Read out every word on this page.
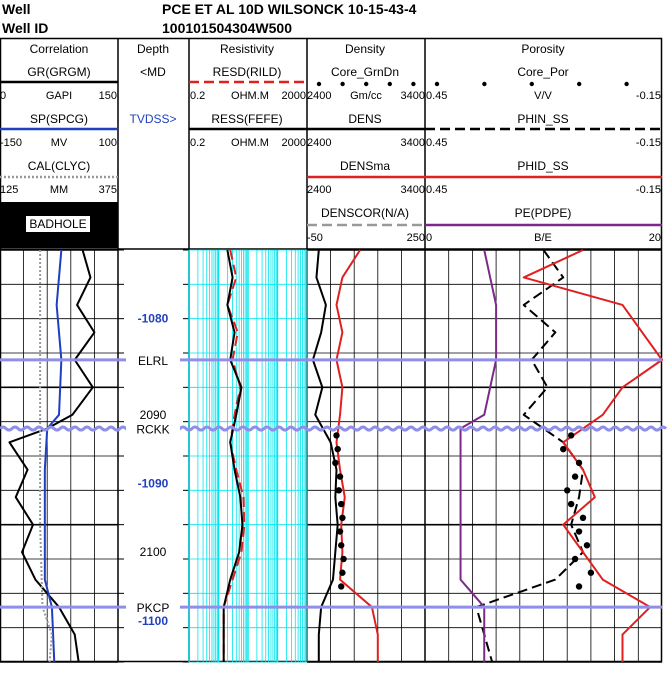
Well
Well ID
PCE ET AL 10D WILSONCK 10-15-43-4
100101504304W500
ELRL
RCKK
PKCP
-1080
2090
-1090
2100
-1100
Correlation
GR(GRGM)
0	GAPI 150
SP(SPCG)
-150	MV	100
CAL(CLYC)
125	MM	375
BADHOLE
Depth
<MD
TVDSS>
Resistivity
RESD(RILD)
0.2 OHM.M 2000
RESS(FEFE)
0.2 OHM.M 2000
Density
Core_GrnDn
2400 Gm/cc 3400
DENS
2400	3400
DENSma
2400	3400
DENSCOR(N/A)
-50	250
Porosity
Core_Por
0.45	V/V	-0.15
PHIN_SS
0.45	-0.15
PHID_SS
0.45	-0.15
PE(PDPE)
0	B/E	20
